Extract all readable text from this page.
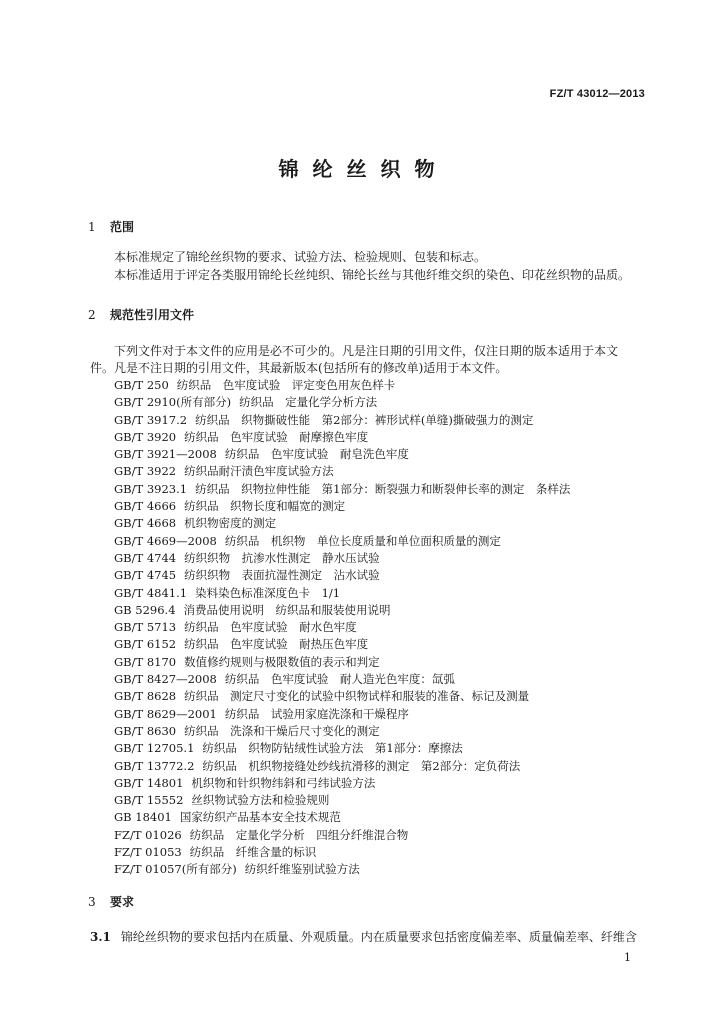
FZ/T 43012—2013
锦纶丝织物
1 范围
本标准规定了锦纶丝织物的要求、试验方法、检验规则、包装和标志。
本标准适用于评定各类服用锦纶长丝纯织、锦纶长丝与其他纤维交织的染色、印花丝织物的品质。
2 规范性引用文件
下列文件对于本文件的应用是必不可少的。凡是注日期的引用文件，仅注日期的版本适用于本文
件。凡是不注日期的引用文件，其最新版本(包括所有的修改单)适用于本文件。
GB/T 250 纺织品　色牢度试验　评定变色用灰色样卡
GB/T 2910(所有部分) 纺织品　定量化学分析方法
GB/T 3917.2 纺织品　织物撕破性能　第2部分：裤形试样(单缝)撕破强力的测定
GB/T 3920 纺织品　色牢度试验　耐摩擦色牢度
GB/T 3921—2008 纺织品　色牢度试验　耐皂洗色牢度
GB/T 3922 纺织品耐汗渍色牢度试验方法
GB/T 3923.1 纺织品　织物拉伸性能　第1部分：断裂强力和断裂伸长率的测定　条样法
GB/T 4666 纺织品　织物长度和幅宽的测定
GB/T 4668 机织物密度的测定
GB/T 4669—2008 纺织品　机织物　单位长度质量和单位面积质量的测定
GB/T 4744 纺织织物　抗渗水性测定　静水压试验
GB/T 4745 纺织织物　表面抗湿性测定　沾水试验
GB/T 4841.1 染料染色标准深度色卡　1/1
GB 5296.4 消费品使用说明　纺织品和服装使用说明
GB/T 5713 纺织品　色牢度试验　耐水色牢度
GB/T 6152 纺织品　色牢度试验　耐热压色牢度
GB/T 8170 数值修约规则与极限数值的表示和判定
GB/T 8427—2008 纺织品　色牢度试验　耐人造光色牢度：氙弧
GB/T 8628 纺织品　测定尺寸变化的试验中织物试样和服装的准备、标记及测量
GB/T 8629—2001 纺织品　试验用家庭洗涤和干燥程序
GB/T 8630 纺织品　洗涤和干燥后尺寸变化的测定
GB/T 12705.1 纺织品　织物防钻绒性试验方法　第1部分：摩擦法
GB/T 13772.2 纺织品　机织物接缝处纱线抗滑移的测定　第2部分：定负荷法
GB/T 14801 机织物和针织物纬斜和弓纬试验方法
GB/T 15552 丝织物试验方法和检验规则
GB 18401 国家纺织产品基本安全技术规范
FZ/T 01026 纺织品　定量化学分析　四组分纤维混合物
FZ/T 01053 纺织品　纤维含量的标识
FZ/T 01057(所有部分) 纺织纤维鉴别试验方法
3 要求
3.1 锦纶丝织物的要求包括内在质量、外观质量。内在质量要求包括密度偏差率、质量偏差率、纤维含
1
